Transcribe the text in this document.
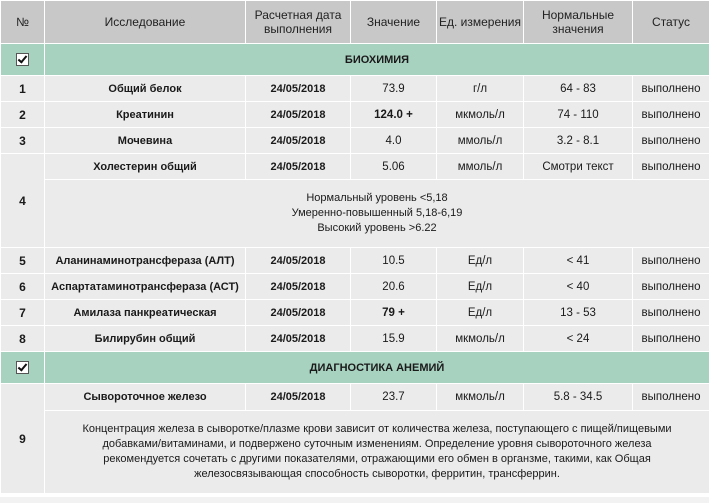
№	Исследование	Расчетная дата выполнения	Значение	Ед. измерения	Нормальные значения	Статус
	БИОХИМИЯ					
1	Общий белок	24/05/2018	73.9	г/л	64 - 83	выполнено
2	Креатинин	24/05/2018	124.0 +	мкмоль/л	74 - 110	выполнено
3	Мочевина	24/05/2018	4.0	ммоль/л	3.2 - 8.1	выполнено
4	Холестерин общий	24/05/2018	5.06	ммоль/л	Смотри текст	выполнено

	Нормальный уровень <5,18
Умеренно-повышенный 5,18-6,19
Высокий уровень >6.22					

5	Аланинаминотрансфераза (АЛТ)	24/05/2018	10.5	Ед/л	< 41	выполнено
6	Аспартатаминотрансфераза (АСТ)	24/05/2018	20.6	Ед/л	< 40	выполнено
7	Амилаза панкреатическая	24/05/2018	79 +	Ед/л	13 - 53	выполнено
8	Билирубин общий	24/05/2018	15.9	мкмоль/л	< 24	выполнено
	ДИАГНОСТИКА АНЕМИЙ					
9	Сывороточное железо	24/05/2018	23.7	мкмоль/л	5.8 - 34.5	выполнено

	Концентрация железа в сыворотке/плазме крови зависит от количества железа, поступающего с пищей/пищевыми
добавками/витаминами, и подвержено суточным изменениям. Определение уровня сывороточного железа
рекомендуется сочетать с другими показателями, отражающими его обмен в органзме, такими, как Общая
железосвязывающая способность сыворотки, ферритин, трансферрин.					
